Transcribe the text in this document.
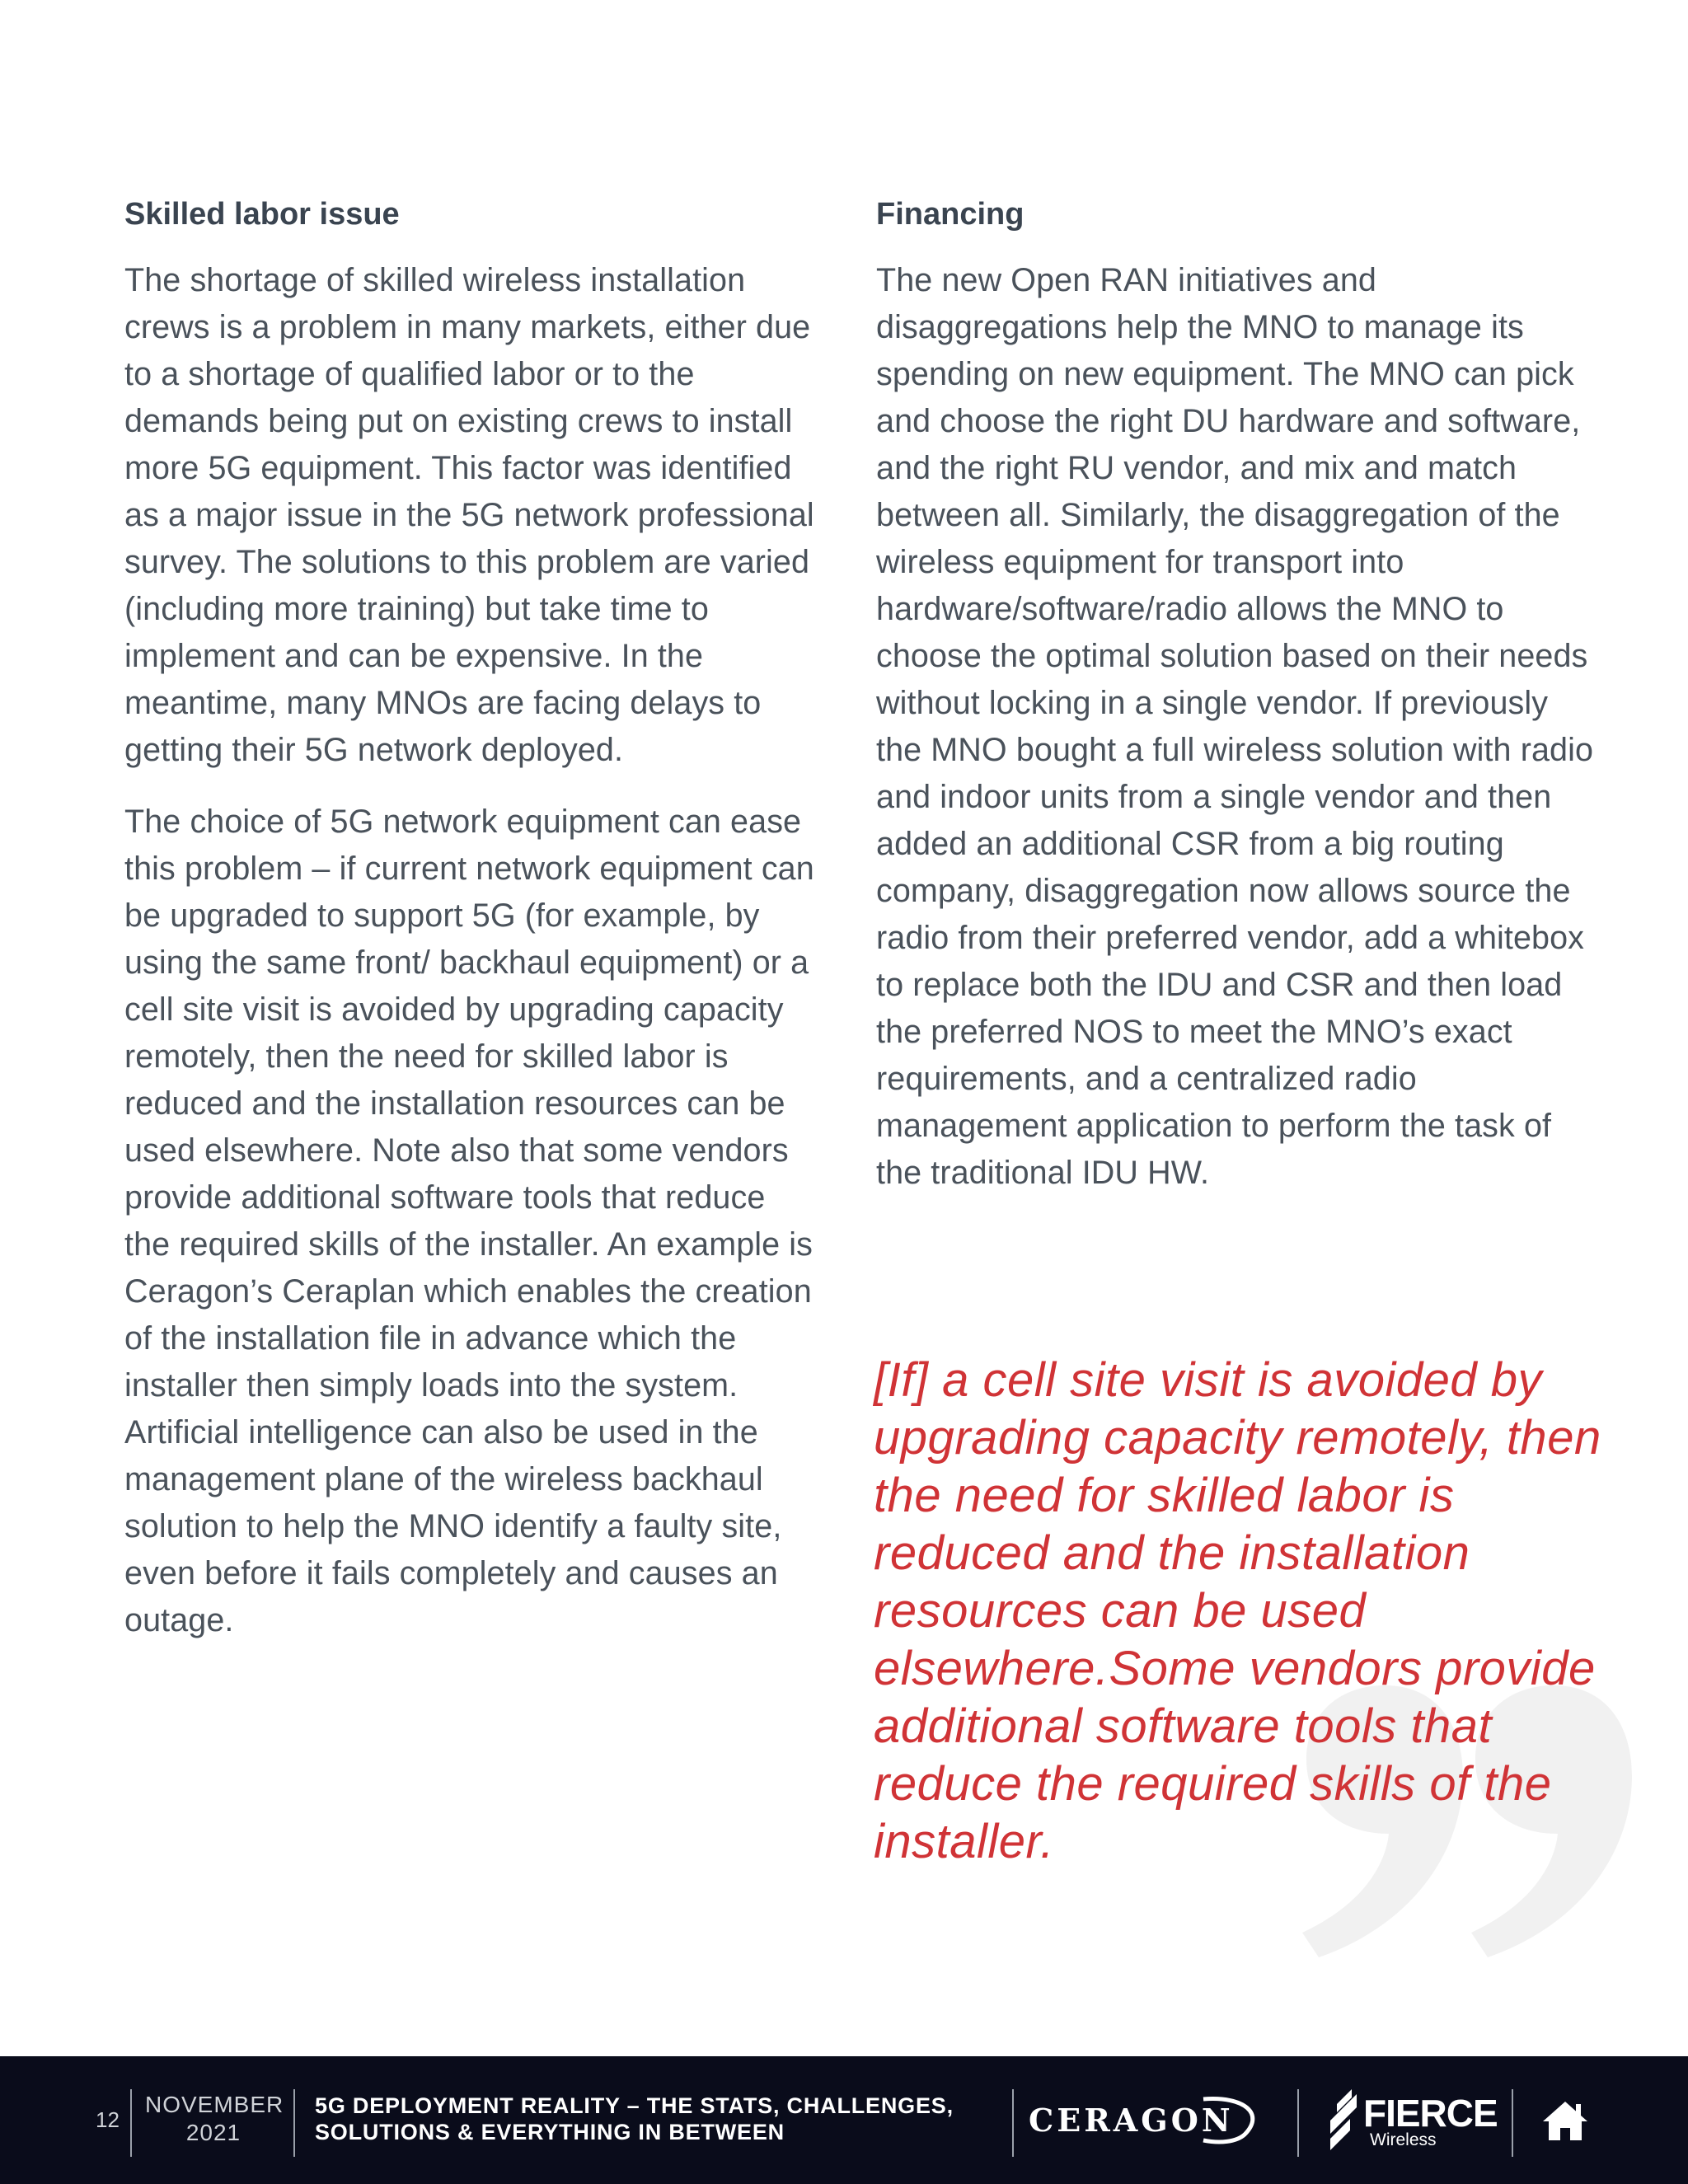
Skilled labor issue

The shortage of skilled wireless installation crews is a problem in many markets, either due to a shortage of qualified labor or to the demands being put on existing crews to install more 5G equipment. This factor was identified as a major issue in the 5G network professional survey. The solutions to this problem are varied (including more training) but take time to implement and can be expensive. In the meantime, many MNOs are facing delays to getting their 5G network deployed.

The choice of 5G network equipment can ease this problem – if current network equipment can be upgraded to support 5G (for example, by using the same front/ backhaul equipment) or a cell site visit is avoided by upgrading capacity remotely, then the need for skilled labor is reduced and the installation resources can be used elsewhere. Note also that some vendors provide additional software tools that reduce the required skills of the installer. An example is Ceragon’s Ceraplan which enables the creation of the installation file in advance which the installer then simply loads into the system. Artificial intelligence can also be used in the management plane of the wireless backhaul solution to help the MNO identify a faulty site, even before it fails completely and causes an outage.

Financing

The new Open RAN initiatives and disaggregations help the MNO to manage its spending on new equipment. The MNO can pick and choose the right DU hardware and software, and the right RU vendor, and mix and match between all. Similarly, the disaggregation of the wireless equipment for transport into hardware/software/radio allows the MNO to choose the optimal solution based on their needs without locking in a single vendor. If previously the MNO bought a full wireless solution with radio and indoor units from a single vendor and then added an additional CSR from a big routing company, disaggregation now allows source the radio from their preferred vendor, add a whitebox to replace both the IDU and CSR and then load the preferred NOS to meet the MNO’s exact requirements, and a centralized radio management application to perform the task of the traditional IDU HW.

[If] a cell site visit is avoided by upgrading capacity remotely, then the need for skilled labor is reduced and the installation resources can be used elsewhere.Some vendors provide additional software tools that reduce the required skills of the installer.
12
NOVEMBER
2021
5G DEPLOYMENT REALITY – THE STATS, CHALLENGES,
SOLUTIONS & EVERYTHING IN BETWEEN	CERAGON	FIERCE
Wireless
